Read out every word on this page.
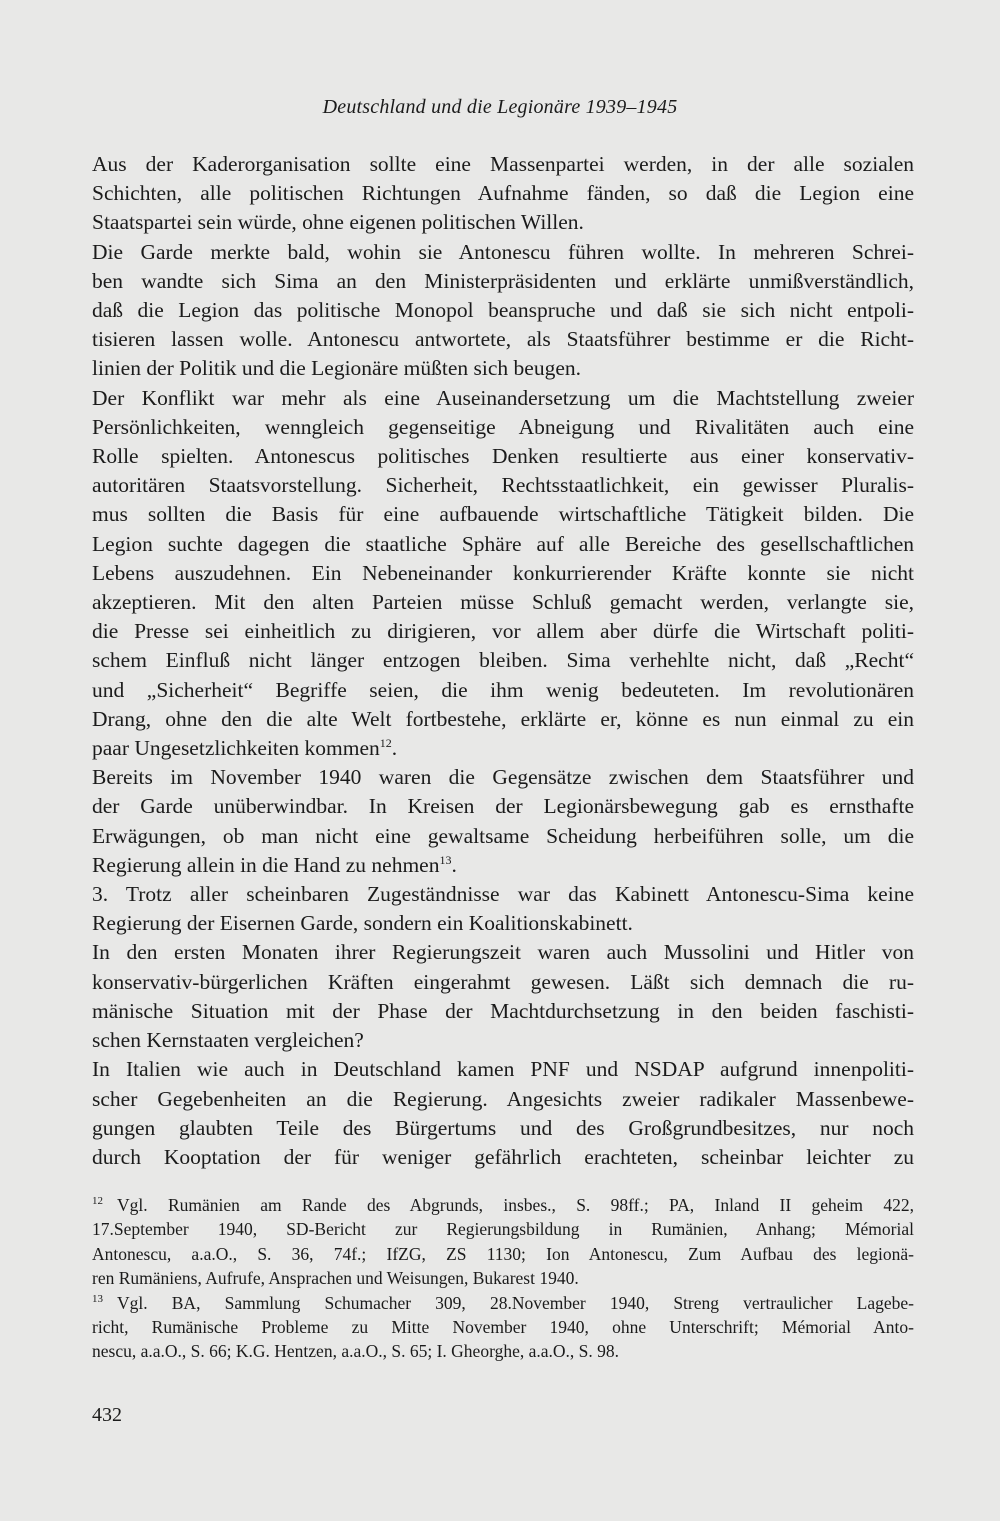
Deutschland und die Legionäre 1939–1945
Aus der Kaderorganisation sollte eine Massenpartei werden, in der alle sozialen
Schichten, alle politischen Richtungen Aufnahme fänden, so daß die Legion eine
Staatspartei sein würde, ohne eigenen politischen Willen.
Die Garde merkte bald, wohin sie Antonescu führen wollte. In mehreren Schrei-
ben wandte sich Sima an den Ministerpräsidenten und erklärte unmißverständlich,
daß die Legion das politische Monopol beanspruche und daß sie sich nicht entpoli-
tisieren lassen wolle. Antonescu antwortete, als Staatsführer bestimme er die Richt-
linien der Politik und die Legionäre müßten sich beugen.
Der Konflikt war mehr als eine Auseinandersetzung um die Machtstellung zweier
Persönlichkeiten, wenngleich gegenseitige Abneigung und Rivalitäten auch eine
Rolle spielten. Antonescus politisches Denken resultierte aus einer konservativ-
autoritären Staatsvorstellung. Sicherheit, Rechtsstaatlichkeit, ein gewisser Pluralis-
mus sollten die Basis für eine aufbauende wirtschaftliche Tätigkeit bilden. Die
Legion suchte dagegen die staatliche Sphäre auf alle Bereiche des gesellschaftlichen
Lebens auszudehnen. Ein Nebeneinander konkurrierender Kräfte konnte sie nicht
akzeptieren. Mit den alten Parteien müsse Schluß gemacht werden, verlangte sie,
die Presse sei einheitlich zu dirigieren, vor allem aber dürfe die Wirtschaft politi-
schem Einfluß nicht länger entzogen bleiben. Sima verhehlte nicht, daß „Recht“
und „Sicherheit“ Begriffe seien, die ihm wenig bedeuteten. Im revolutionären
Drang, ohne den die alte Welt fortbestehe, erklärte er, könne es nun einmal zu ein
paar Ungesetzlichkeiten kommen$^{12}$.
Bereits im November 1940 waren die Gegensätze zwischen dem Staatsführer und
der Garde unüberwindbar. In Kreisen der Legionärsbewegung gab es ernsthafte
Erwägungen, ob man nicht eine gewaltsame Scheidung herbeiführen solle, um die
Regierung allein in die Hand zu nehmen$^{13}$.
3. Trotz aller scheinbaren Zugeständnisse war das Kabinett Antonescu-Sima keine
Regierung der Eisernen Garde, sondern ein Koalitionskabinett.
In den ersten Monaten ihrer Regierungszeit waren auch Mussolini und Hitler von
konservativ-bürgerlichen Kräften eingerahmt gewesen. Läßt sich demnach die ru-
mänische Situation mit der Phase der Machtdurchsetzung in den beiden faschisti-
schen Kernstaaten vergleichen?
In Italien wie auch in Deutschland kamen PNF und NSDAP aufgrund innenpoliti-
scher Gegebenheiten an die Regierung. Angesichts zweier radikaler Massenbewe-
gungen glaubten Teile des Bürgertums und des Großgrundbesitzes, nur noch
durch Kooptation der für weniger gefährlich erachteten, scheinbar leichter zu
$^{12}$ Vgl. Rumänien am Rande des Abgrunds, insbes., S. 98ff.; PA, Inland II geheim 422,
17.September 1940, SD-Bericht zur Regierungsbildung in Rumänien, Anhang; Mémorial
Antonescu, a.a.O., S. 36, 74f.; IfZG, ZS 1130; Ion Antonescu, Zum Aufbau des legionä-
ren Rumäniens, Aufrufe, Ansprachen und Weisungen, Bukarest 1940.
$^{13}$ Vgl. BA, Sammlung Schumacher 309, 28.November 1940, Streng vertraulicher Lagebe-
richt, Rumänische Probleme zu Mitte November 1940, ohne Unterschrift; Mémorial Anto-
nescu, a.a.O., S. 66; K.G. Hentzen, a.a.O., S. 65; I. Gheorghe, a.a.O., S. 98.
432
